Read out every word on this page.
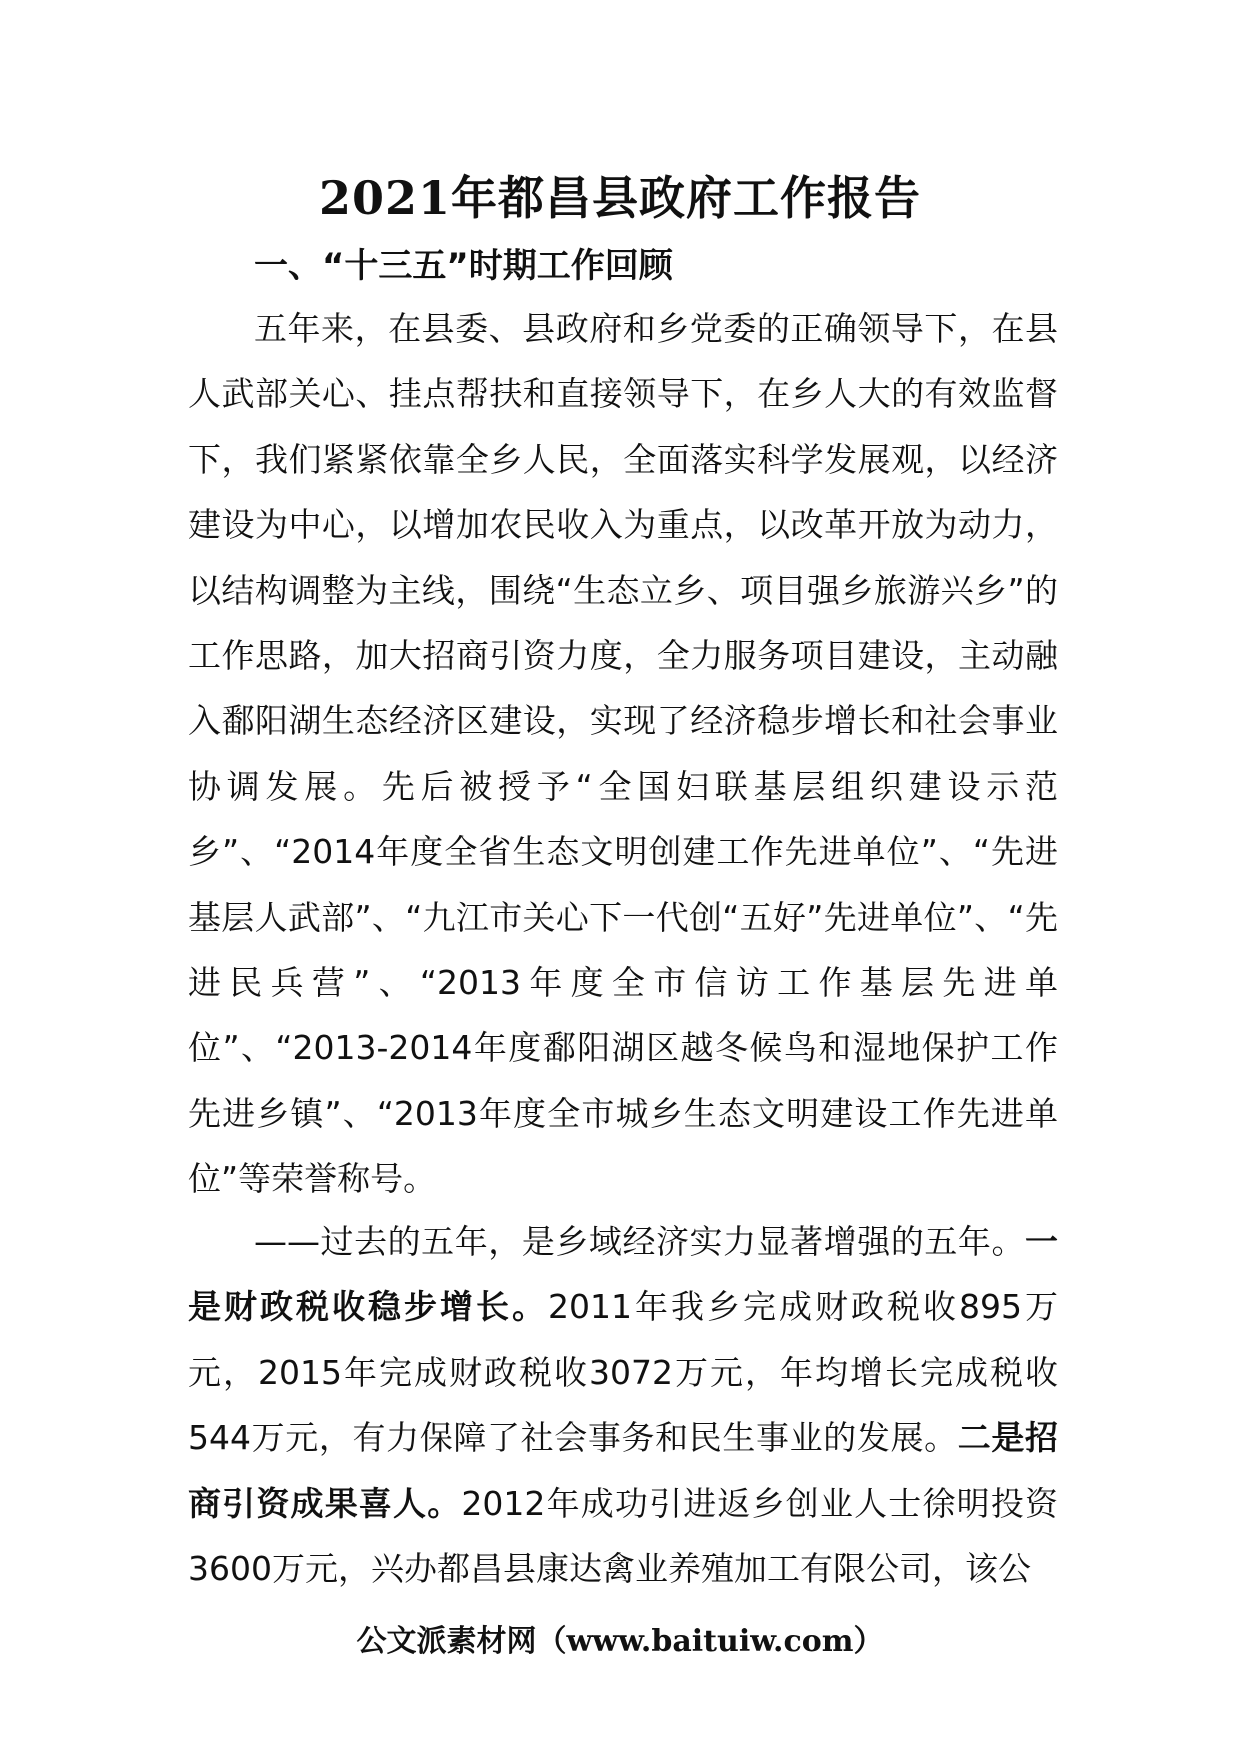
2021年都昌县政府工作报告
一、“十三五”时期工作回顾

五年来，在县委、县政府和乡党委的正确领导下，在县人武部关心、挂点帮扶和直接领导下，在乡人大的有效监督下，我们紧紧依靠全乡人民，全面落实科学发展观，以经济建设为中心，以增加农民收入为重点，以改革开放为动力，以结构调整为主线，围绕“生态立乡、项目强乡旅游兴乡”的工作思路，加大招商引资力度，全力服务项目建设，主动融入鄱阳湖生态经济区建设，实现了经济稳步增长和社会事业协调发展。先后被授予“全国妇联基层组织建设示范乡”、“2014年度全省生态文明创建工作先进单位”、“先进基层人武部”、“九江市关心下一代创“五好”先进单位”、“先进民兵营”、“2013年度全市信访工作基层先进单位”、“2013-2014年度鄱阳湖区越冬候鸟和湿地保护工作先进乡镇”、“2013年度全市城乡生态文明建设工作先进单位”等荣誉称号。

——过去的五年，是乡域经济实力显著增强的五年。一是财政税收稳步增长。2011年我乡完成财政税收895万元，2015年完成财政税收3072万元，年均增长完成税收544万元，有力保障了社会事务和民生事业的发展。二是招商引资成果喜人。2012年成功引进返乡创业人士徐明投资3600万元，兴办都昌县康达禽业养殖加工有限公司，该公

公文派素材网（www.baituiw.com）
